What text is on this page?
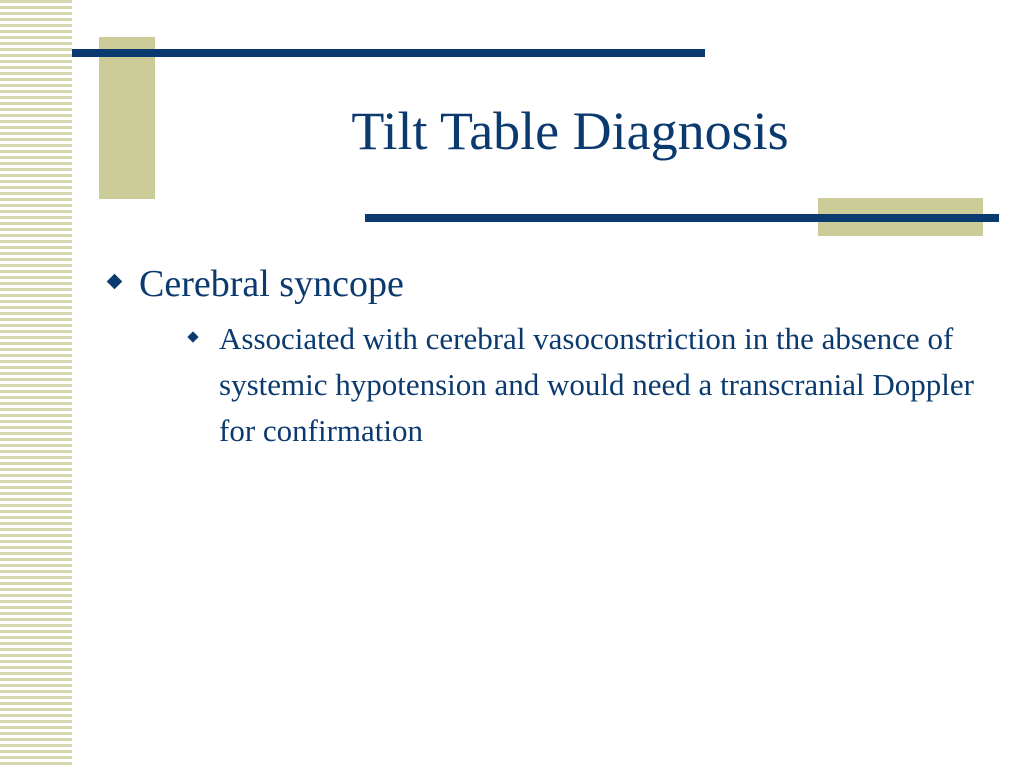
Tilt Table Diagnosis
Cerebral syncope
Associated with cerebral vasoconstriction in the absence of systemic hypotension and would need a transcranial Doppler for confirmation
